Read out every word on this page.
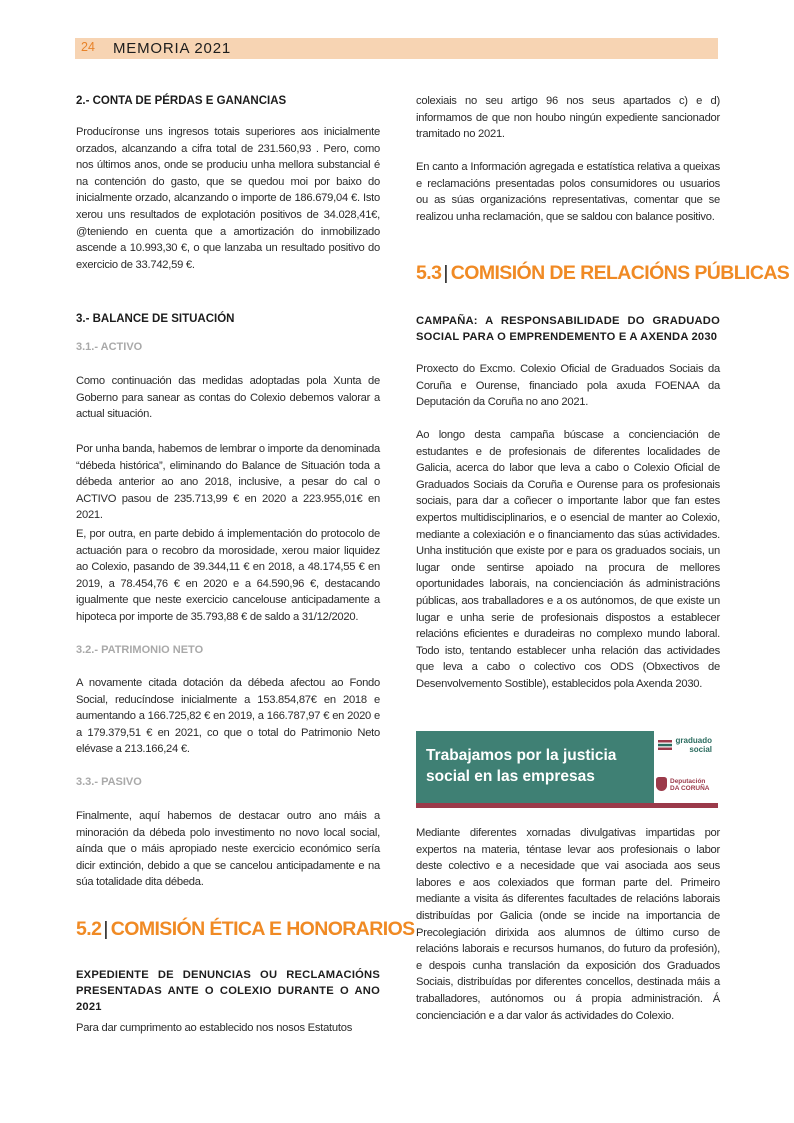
24 MEMORIA 2021
2.- CONTA DE PÉRDAS E GANANCIAS
Producíronse uns ingresos totais superiores aos inicialmente orzados, alcanzando a cifra total de 231.560,93 . Pero, como nos últimos anos, onde se produciu unha mellora substancial é na contención do gasto, que se quedou moi por baixo do inicialmente orzado, alcanzando o importe de 186.679,04 €. Isto xerou uns resultados de explotación positivos de 34.028,41€, @teniendo en cuenta que a amortización do inmobilizado ascende a 10.993,30 €, o que lanzaba un resultado positivo do exercicio de 33.742,59 €.
3.- BALANCE DE SITUACIÓN
3.1.- ACTIVO
Como continuación das medidas adoptadas pola Xunta de Goberno para sanear as contas do Colexio debemos valorar a actual situación.
Por unha banda, habemos de lembrar o importe da denominada “débeda histórica”, eliminando do Balance de Situación toda a débeda anterior ao ano 2018, inclusive, a pesar do cal o ACTIVO pasou de 235.713,99 € en 2020 a 223.955,01€ en 2021.
E, por outra, en parte debido á implementación do protocolo de actuación para o recobro da morosidade, xerou maior liquidez ao Colexio, pasando de 39.344,11 € en 2018, a 48.174,55 € en 2019, a 78.454,76 € en 2020 e a 64.590,96 €, destacando igualmente que neste exercicio cancelouse anticipadamente a hipoteca por importe de 35.793,88 € de saldo a 31/12/2020.
3.2.- PATRIMONIO NETO
A novamente citada dotación da débeda afectou ao Fondo Social, reducíndose inicialmente a 153.854,87€ en 2018 e aumentando a 166.725,82 € en 2019, a 166.787,97 € en 2020 e a 179.379,51 € en 2021, co que o total do Patrimonio Neto elévase a 213.166,24 €.
3.3.- PASIVO
Finalmente, aquí habemos de destacar outro ano máis a minoración da débeda polo investimento no novo local social, aínda que o máis apropiado neste exercicio económico sería dicir extinción, debido a que se cancelou anticipadamente e na súa totalidade dita débeda.
5.2 | COMISIÓN ÉTICA E HONORARIOS
EXPEDIENTE DE DENUNCIAS OU RECLAMACIÓNS PRESENTADAS ANTE O COLEXIO DURANTE O ANO 2021
Para dar cumprimento ao establecido nos nosos Estatutos
colexiais no seu artigo 96 nos seus apartados c) e d) informamos de que non houbo ningún expediente sancionador tramitado no 2021.
En canto a Información agregada e estatística relativa a queixas e reclamacións presentadas polos consumidores ou usuarios ou as súas organizacións representativas, comentar que se realizou unha reclamación, que se saldou con balance positivo.
5.3 | COMISIÓN DE RELACIÓNS PÚBLICAS
CAMPAÑA: A RESPONSABILIDADE DO GRADUADO SOCIAL PARA O EMPRENDEMENTO E A AXENDA 2030
Proxecto do Excmo. Colexio Oficial de Graduados Sociais da Coruña e Ourense, financiado pola axuda FOENAA da Deputación da Coruña no ano 2021.
Ao longo desta campaña búscase a concienciación de estudantes e de profesionais de diferentes localidades de Galicia, acerca do labor que leva a cabo o Colexio Oficial de Graduados Sociais da Coruña e Ourense para os profesionais sociais, para dar a coñecer o importante labor que fan estes expertos multidisciplinarios, e o esencial de manter ao Colexio, mediante a colexiación e o financiamento das súas actividades. Unha institución que existe por e para os graduados sociais, un lugar onde sentirse apoiado na procura de mellores oportunidades laborais, na concienciación ás administracións públicas, aos traballadores e a os autónomos, de que existe un lugar e unha serie de profesionais dispostos a establecer relacións eficientes e duradeiras no complexo mundo laboral. Todo isto, tentando establecer unha relación das actividades que leva a cabo o colectivo cos ODS (Obxectivos de Desenvolvemento Sostible), establecidos pola Axenda 2030.
Trabajamos por la justicia social en las empresas
graduado social
Deputación DA CORUÑA
Mediante diferentes xornadas divulgativas impartidas por expertos na materia, téntase levar aos profesionais o labor deste colectivo e a necesidade que vai asociada aos seus labores e aos colexiados que forman parte del. Primeiro mediante a visita ás diferentes facultades de relacións laborais distribuídas por Galicia (onde se incide na importancia de Precolegiación dirixida aos alumnos de último curso de relacións laborais e recursos humanos, do futuro da profesión), e despois cunha translación da exposición dos Graduados Sociais, distribuídas por diferentes concellos, destinada máis a traballadores, autónomos ou á propia administración. Á concienciación e a dar valor ás actividades do Colexio.
